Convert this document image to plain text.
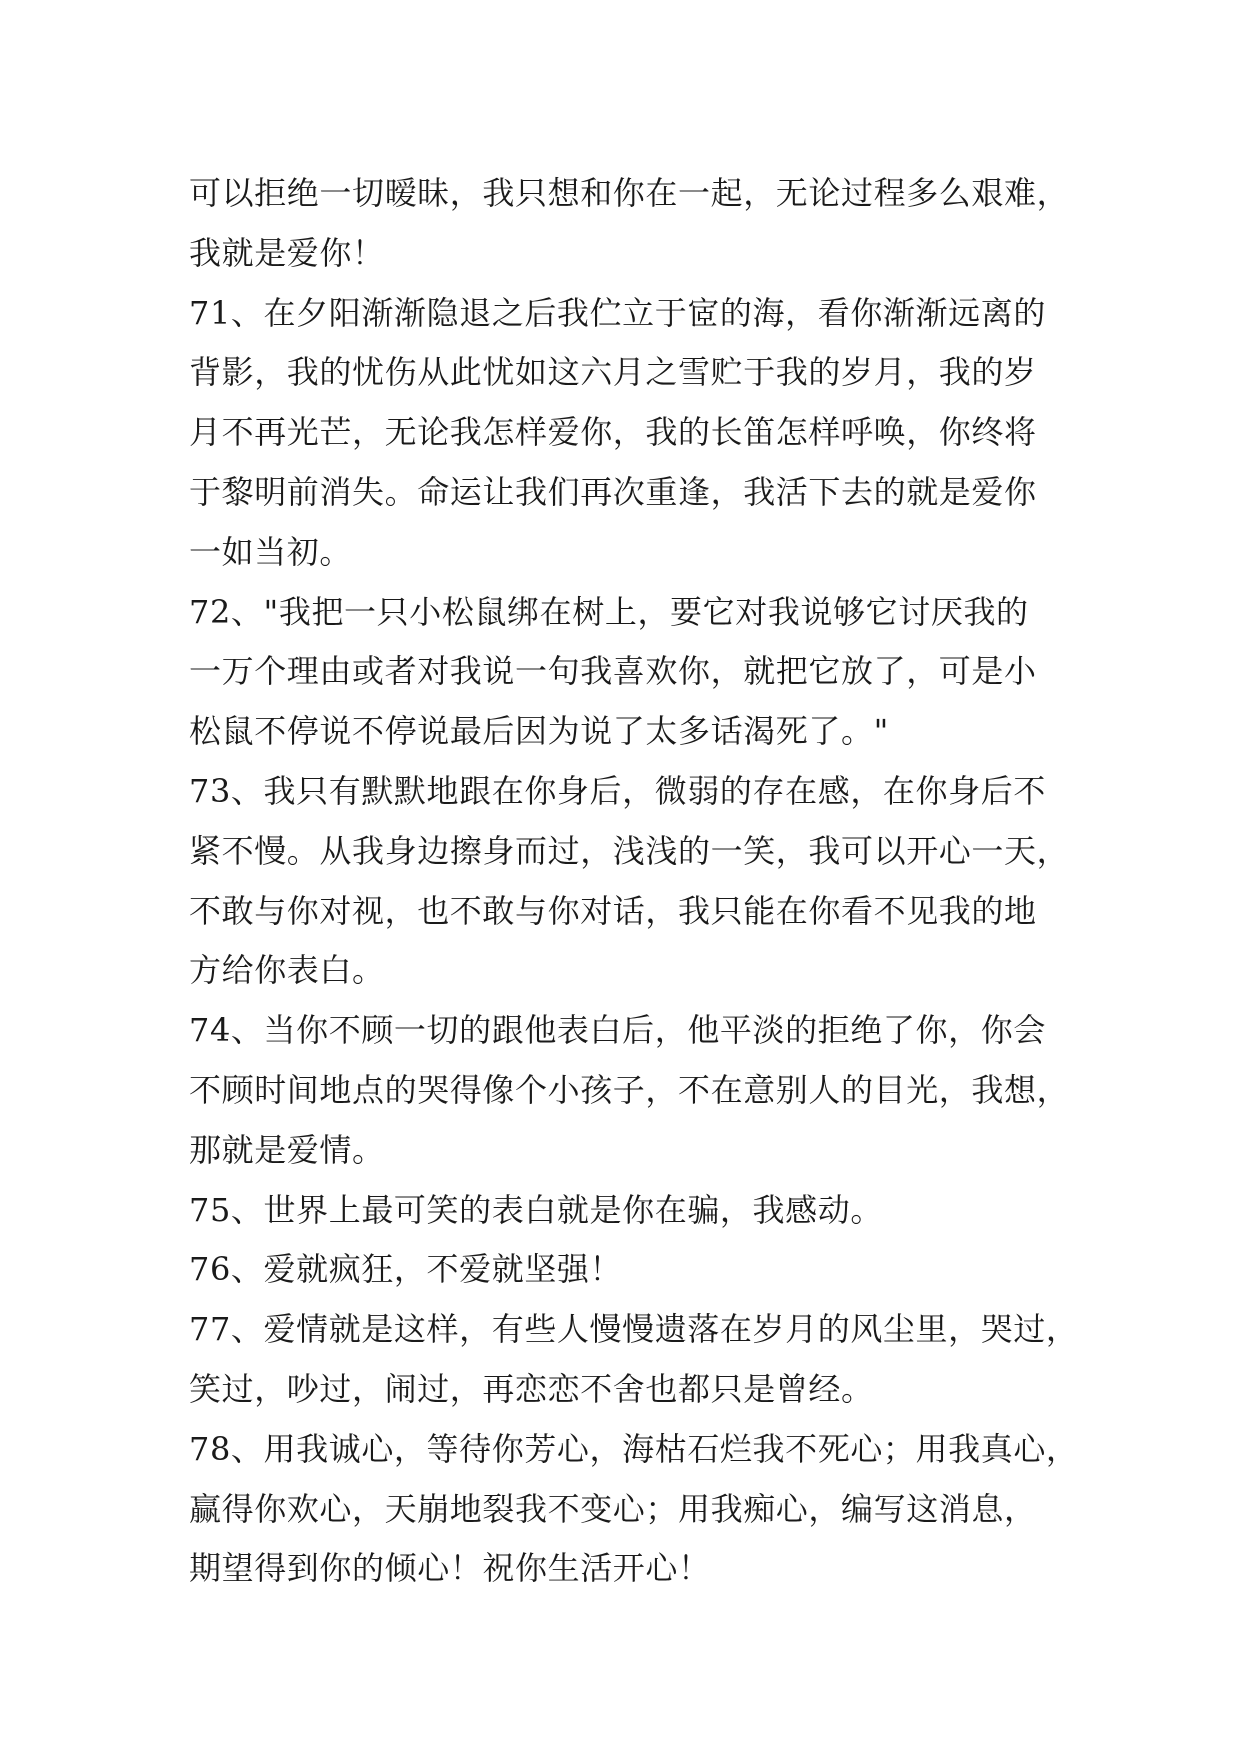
可以拒绝一切暧昧，我只想和你在一起，无论过程多么艰难，
我就是爱你！
71、在夕阳渐渐隐退之后我伫立于宧的海，看你渐渐远离的
背影，我的忧伤从此忧如这六月之雪贮于我的岁月，我的岁
月不再光芒，无论我怎样爱你，我的长笛怎样呼唤，你终将
于黎明前消失。命运让我们再次重逢，我活下去的就是爱你
一如当初。
72、"我把一只小松鼠绑在树上，要它对我说够它讨厌我的
一万个理由或者对我说一句我喜欢你，就把它放了，可是小
松鼠不停说不停说最后因为说了太多话渴死了。"
73、我只有默默地跟在你身后，微弱的存在感，在你身后不
紧不慢。从我身边擦身而过，浅浅的一笑，我可以开心一天，
不敢与你对视，也不敢与你对话，我只能在你看不见我的地
方给你表白。
74、当你不顾一切的跟他表白后，他平淡的拒绝了你，你会
不顾时间地点的哭得像个小孩子，不在意别人的目光，我想，
那就是爱情。
75、世界上最可笑的表白就是你在骗，我感动。
76、爱就疯狂，不爱就坚强！
77、爱情就是这样，有些人慢慢遗落在岁月的风尘里，哭过，
笑过，吵过，闹过，再恋恋不舍也都只是曾经。
78、用我诚心，等待你芳心，海枯石烂我不死心；用我真心，
赢得你欢心，天崩地裂我不变心；用我痴心，编写这消息，
期望得到你的倾心！祝你生活开心！
